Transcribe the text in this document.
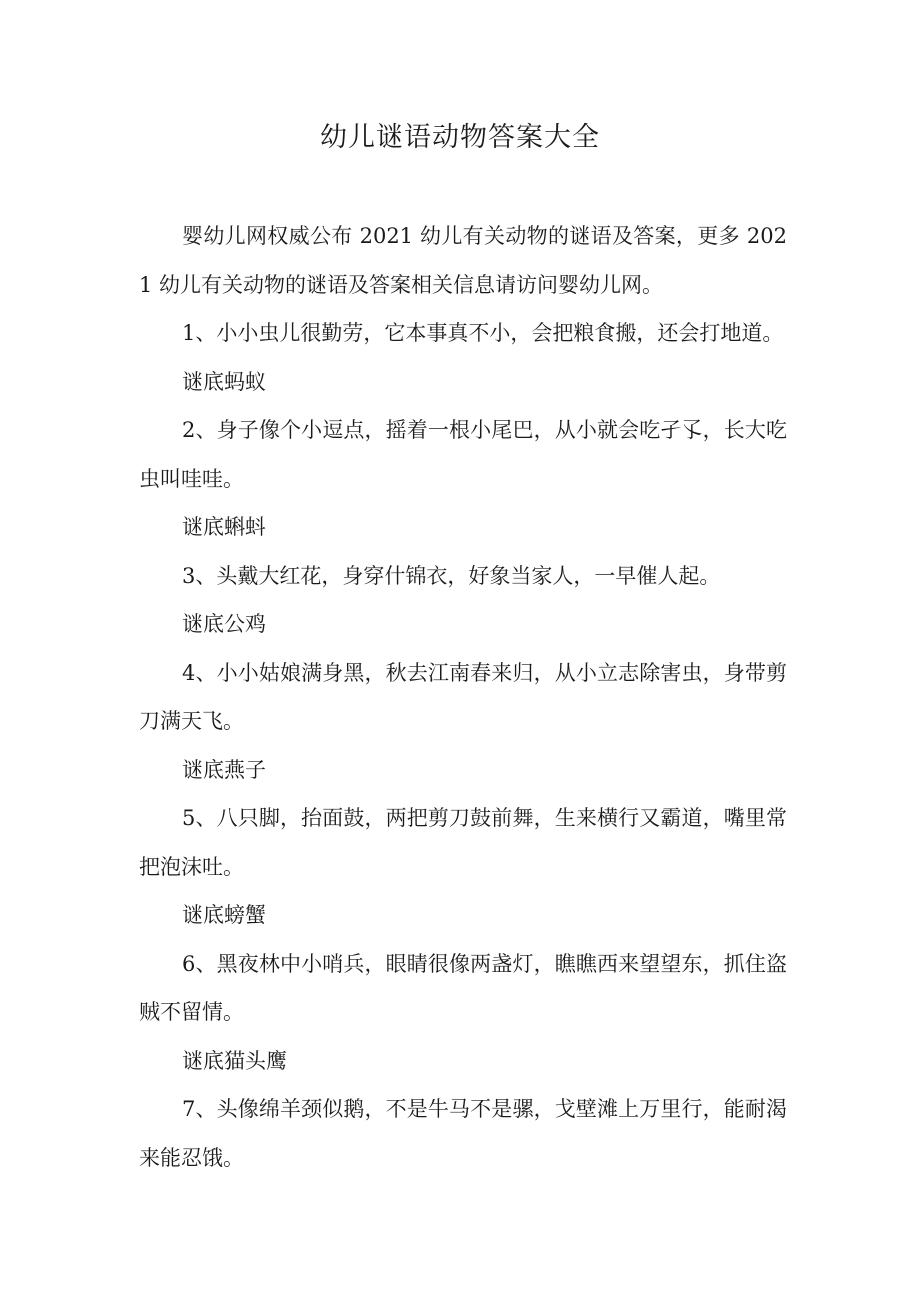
幼儿谜语动物答案大全

婴幼儿网权威公布 2021 幼儿有关动物的谜语及答案，更多 2021 幼儿有关动物的谜语及答案相关信息请访问婴幼儿网。

1、小小虫儿很勤劳，它本事真不小，会把粮食搬，还会打地道。

谜底蚂蚁

2、身子像个小逗点，摇着一根小尾巴，从小就会吃孑孓，长大吃虫叫哇哇。

谜底蝌蚪

3、头戴大红花，身穿什锦衣，好象当家人，一早催人起。

谜底公鸡

4、小小姑娘满身黑，秋去江南春来归，从小立志除害虫，身带剪刀满天飞。

谜底燕子

5、八只脚，抬面鼓，两把剪刀鼓前舞，生来横行又霸道，嘴里常把泡沫吐。

谜底螃蟹

6、黑夜林中小哨兵，眼睛很像两盏灯，瞧瞧西来望望东，抓住盗贼不留情。

谜底猫头鹰

7、头像绵羊颈似鹅，不是牛马不是骡，戈壁滩上万里行，能耐渴来能忍饿。
